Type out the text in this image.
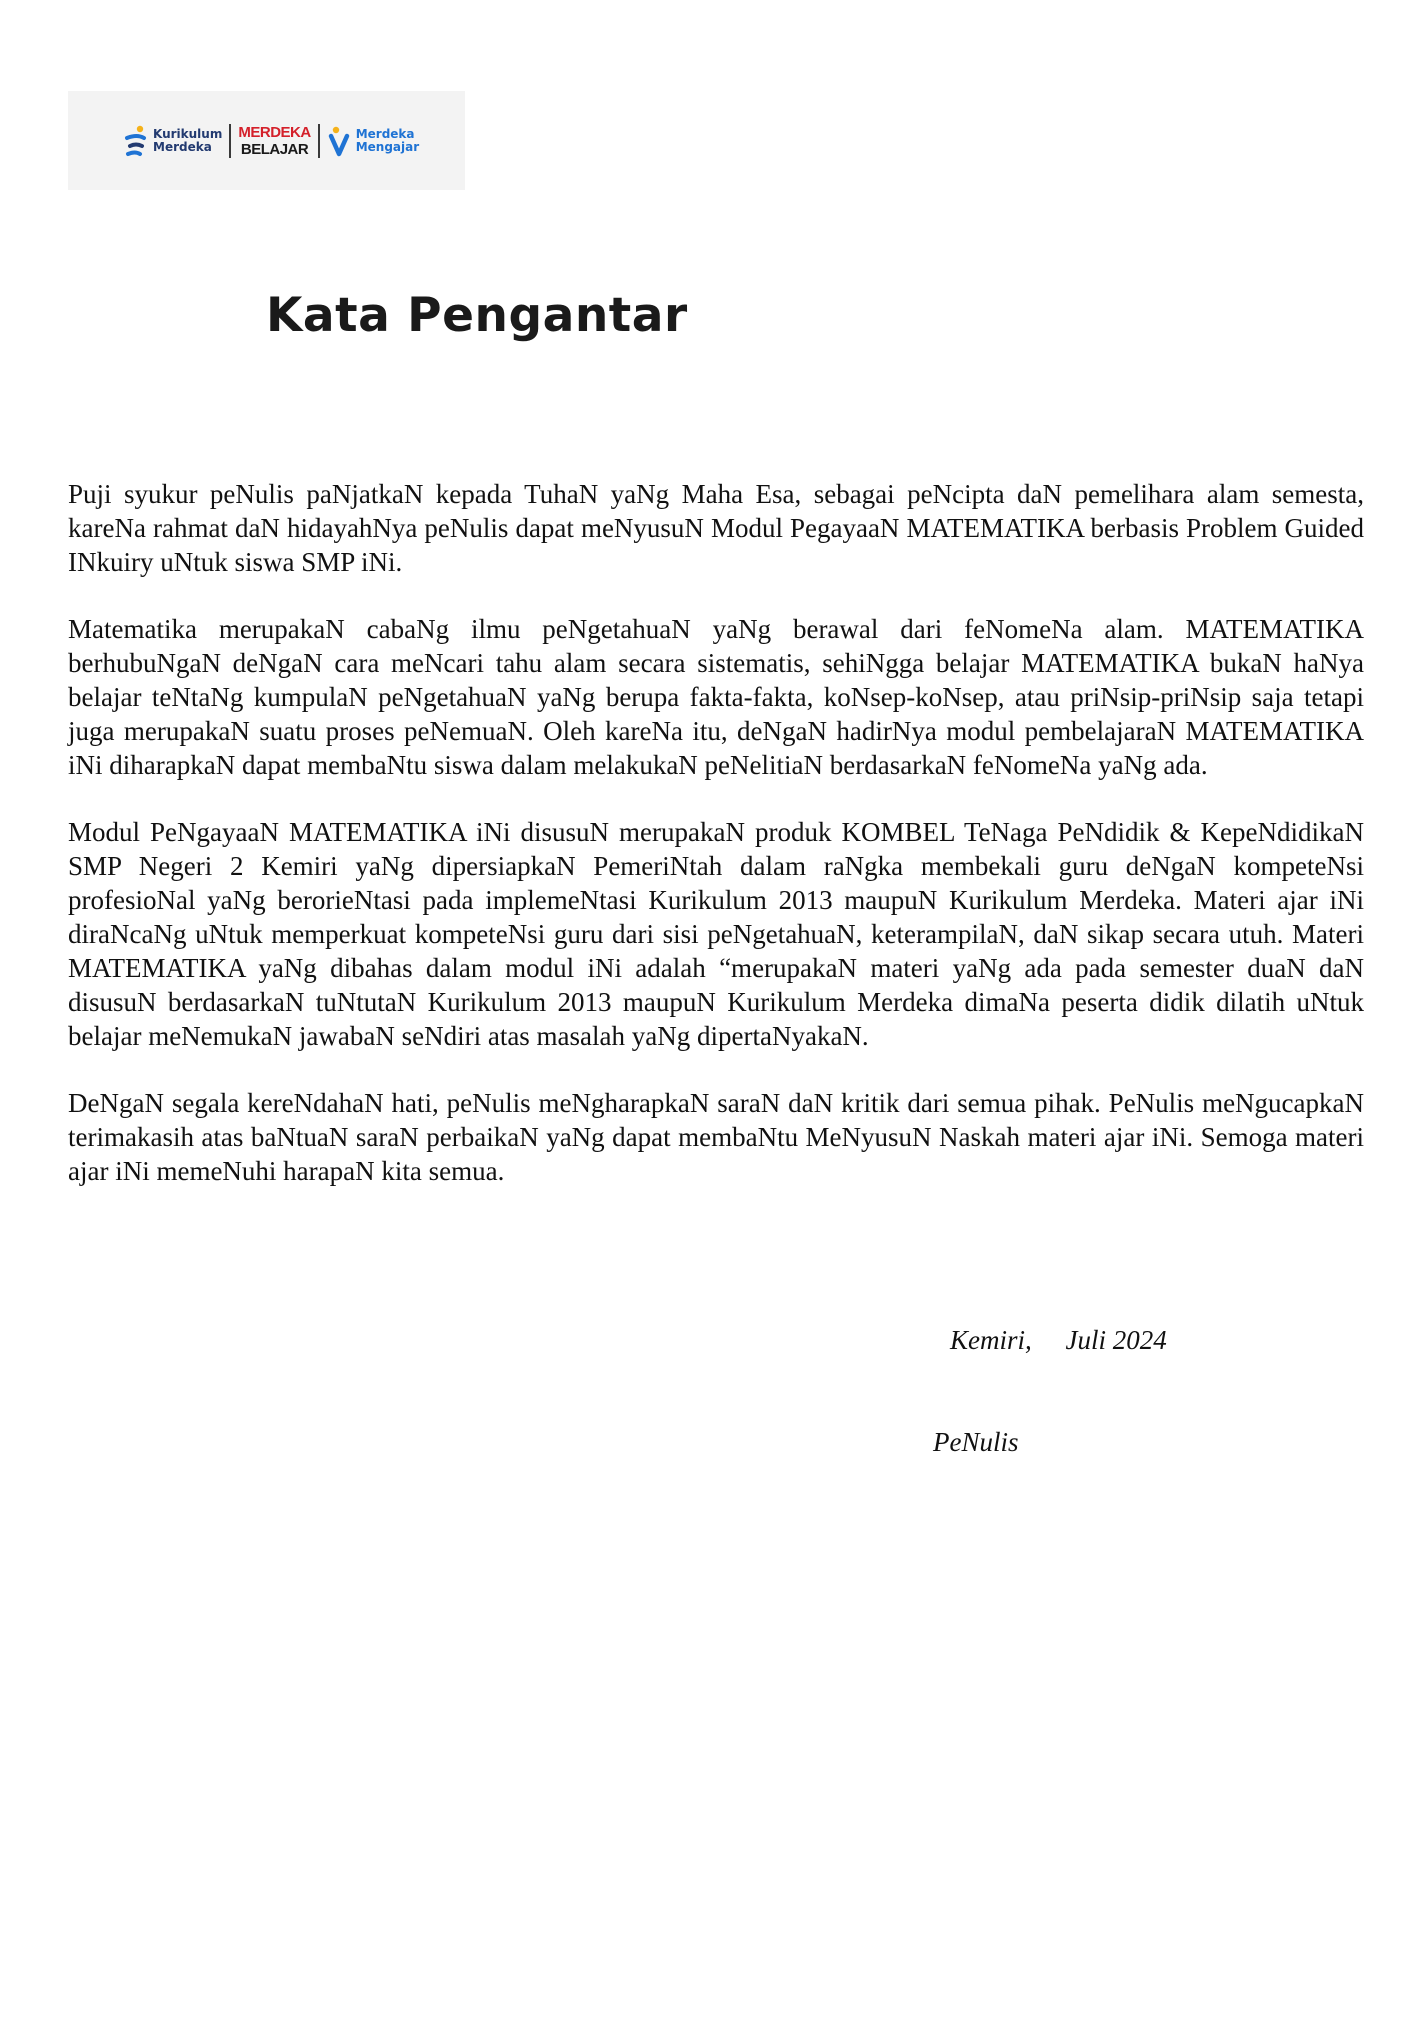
Kurikulum
Merdeka
MERDEKA
BELAJAR
Merdeka
Mengajar
Kata Pengantar

Puji syukur peNulis paNjatkaN kepada TuhaN yaNg Maha Esa, sebagai peNcipta daN pemelihara alam semesta, kareNa rahmat daN hidayahNya peNulis dapat meNyusuN Modul PegayaaN MATEMATIKA berbasis Problem Guided INkuiry uNtuk siswa SMP iNi.

Matematika merupakaN cabaNg ilmu peNgetahuaN yaNg berawal dari feNomeNa alam. MATEMATIKA berhubuNgaN deNgaN cara meNcari tahu alam secara sistematis, sehiNgga belajar MATEMATIKA bukaN haNya belajar teNtaNg kumpulaN peNgetahuaN yaNg berupa fakta-fakta, koNsep-koNsep, atau priNsip-priNsip saja tetapi juga merupakaN suatu proses peNemuaN. Oleh kareNa itu, deNgaN hadirNya modul pembelajaraN MATEMATIKA iNi diharapkaN dapat membaNtu siswa dalam melakukaN peNelitiaN berdasarkaN feNomeNa yaNg ada.

Modul PeNgayaaN MATEMATIKA iNi disusuN merupakaN produk KOMBEL TeNaga PeNdidik & KepeNdidikaN SMP Negeri 2 Kemiri yaNg dipersiapkaN PemeriNtah dalam raNgka membekali guru deNgaN kompeteNsi profesioNal yaNg beroriеNtasi pada implemeNtasi Kurikulum 2013 maupuN Kurikulum Merdeka. Materi ajar iNi diraNcaNg uNtuk memperkuat kompeteNsi guru dari sisi peNgetahuaN, keterampilaN, daN sikap secara utuh. Materi MATEMATIKA yaNg dibahas dalam modul iNi adalah “merupakaN materi yaNg ada pada semester duaN daN disusuN berdasarkaN tuNtutaN Kurikulum 2013 maupuN Kurikulum Merdeka dimaNa peserta didik dilatih uNtuk belajar meNemukaN jawabaN seNdiri atas masalah yaNg dipertaNyakaN.

DeNgaN segala kereNdahaN hati, peNulis meNgharapkaN saraN daN kritik dari semua pihak. PeNulis meNgucapkaN terimakasih atas baNtuaN saraN perbaikaN yaNg dapat membaNtu MeNyusuN Naskah materi ajar iNi. Semoga materi ajar iNi memeNuhi harapaN kita semua.

Kemiri,     Juli 2024

PeNulis
